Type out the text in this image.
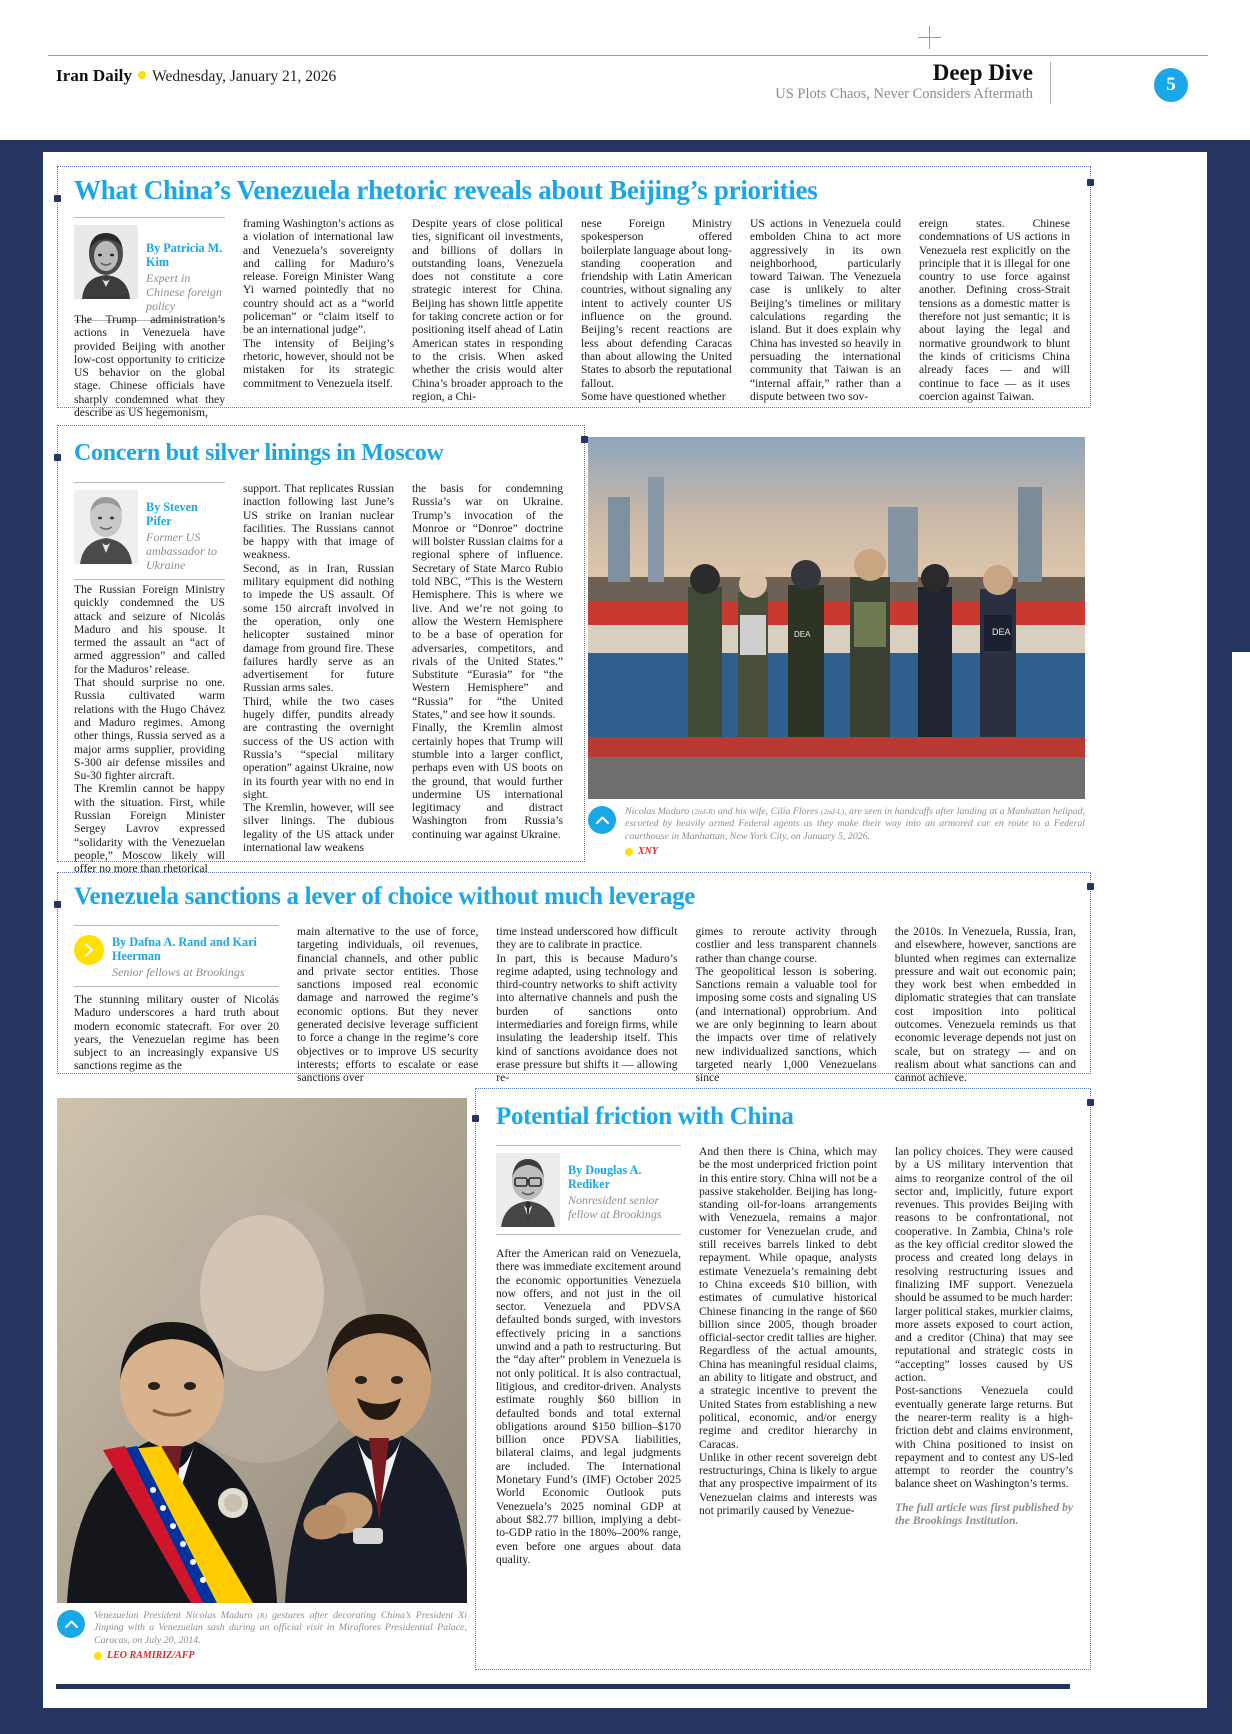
Iran Daily Wednesday, January 21, 2026	Deep Dive
US Plots Chaos, Never Considers Aftermath	5
What China’s Venezuela rhetoric reveals about Beijing’s priorities
By Patricia M. Kim
Expert in Chinese foreign policy

The Trump administration’s actions in Venezuela have provided Beijing with another low-cost opportunity to criticize US behavior on the global stage. Chinese officials have sharply condemned what they describe as US hegemonism,

framing Washington’s actions as a violation of international law and Venezuela’s sovereignty and calling for Maduro’s release. Foreign Minister Wang Yi warned pointedly that no country should act as a “world policeman” or “claim itself to be an international judge”.

The intensity of Beijing’s rhetoric, however, should not be mistaken for its strategic commitment to Venezuela itself.

Despite years of close political ties, significant oil investments, and billions of dollars in outstanding loans, Venezuela does not constitute a core strategic interest for China. Beijing has shown little appetite for taking concrete action or for positioning itself ahead of Latin American states in responding to the crisis. When asked whether the crisis would alter China’s broader approach to the region, a Chi-

nese Foreign Ministry spokesperson offered boilerplate language about long-standing cooperation and friendship with Latin American countries, without signaling any intent to actively counter US influence on the ground. Beijing’s recent reactions are less about defending Caracas than about allowing the United States to absorb the reputational fallout.

Some have questioned whether

US actions in Venezuela could embolden China to act more aggressively in its own neighborhood, particularly toward Taiwan. The Venezuela case is unlikely to alter Beijing’s timelines or military calculations regarding the island. But it does explain why China has invested so heavily in persuading the international community that Taiwan is an “internal affair,” rather than a dispute between two sov-

ereign states. Chinese condemnations of US actions in Venezuela rest explicitly on the principle that it is illegal for one country to use force against another. Defining cross-Strait tensions as a domestic matter is therefore not just semantic; it is about laying the legal and normative groundwork to blunt the kinds of criticisms China already faces — and will continue to face — as it uses coercion against Taiwan.

Concern but silver linings in Moscow
By Steven Pifer
Former US ambassador to Ukraine

The Russian Foreign Ministry quickly condemned the US attack and seizure of Nicolás Maduro and his spouse. It termed the assault an “act of armed aggression” and called for the Maduros’ release.

That should surprise no one. Russia cultivated warm relations with the Hugo Chávez and Maduro regimes. Among other things, Russia served as a major arms supplier, providing S-300 air defense missiles and Su-30 fighter aircraft.

The Kremlin cannot be happy with the situation. First, while Russian Foreign Minister Sergey Lavrov expressed “solidarity with the Venezuelan people,” Moscow likely will offer no more than rhetorical

support. That replicates Russian inaction following last June’s US strike on Iranian nuclear facilities. The Russians cannot be happy with that image of weakness.

Second, as in Iran, Russian military equipment did nothing to impede the US assault. Of some 150 aircraft involved in the operation, only one helicopter sustained minor damage from ground fire. These failures hardly serve as an advertisement for future Russian arms sales.

Third, while the two cases hugely differ, pundits already are contrasting the overnight success of the US action with Russia’s “special military operation” against Ukraine, now in its fourth year with no end in sight.

The Kremlin, however, will see silver linings. The dubious legality of the US attack under international law weakens

the basis for condemning Russia’s war on Ukraine. Trump’s invocation of the Monroe or “Donroe” doctrine will bolster Russian claims for a regional sphere of influence. Secretary of State Marco Rubio told NBC, “This is the Western Hemisphere. This is where we live. And we’re not going to allow the Western Hemisphere to be a base of operation for adversaries, competitors, and rivals of the United States.” Substitute “Eurasia” for “the Western Hemisphere” and “Russia” for “the United States,” and see how it sounds.

Finally, the Kremlin almost certainly hopes that Trump will stumble into a larger conflict, perhaps even with US boots on the ground, that would further undermine US international legitimacy and distract Washington from Russia’s continuing war against Ukraine.

DEA
DEA
Nicolas Maduro (2nd-R) and his wife, Cilia Flores (2nd-L), are seen in handcuffs after landing at a Manhattan helipad, escorted by heavily armed Federal agents as they make their way into an armored car en route to a Federal courthouse in Manhattan, New York City, on January 5, 2026.
XNY
Venezuela sanctions a lever of choice without much leverage
By Dafna A. Rand and Kari Heerman
Senior fellows at Brookings

The stunning military ouster of Nicolás Maduro underscores a hard truth about modern economic statecraft. For over 20 years, the Venezuelan regime has been subject to an increasingly expansive US sanctions regime as the

main alternative to the use of force, targeting individuals, oil revenues, financial channels, and other public and private sector entities. Those sanctions imposed real economic damage and narrowed the regime’s economic options. But they never generated decisive leverage sufficient to force a change in the regime’s core objectives or to improve US security interests; efforts to escalate or ease sanctions over

time instead underscored how difficult they are to calibrate in practice.

In part, this is because Maduro’s regime adapted, using technology and third-country networks to shift activity into alternative channels and push the burden of sanctions onto intermediaries and foreign firms, while insulating the leadership itself. This kind of sanctions avoidance does not erase pressure but shifts it — allowing re-

gimes to reroute activity through costlier and less transparent channels rather than change course.

The geopolitical lesson is sobering. Sanctions remain a valuable tool for imposing some costs and signaling US (and international) opprobrium. And we are only beginning to learn about the impacts over time of relatively new individualized sanctions, which targeted nearly 1,000 Venezuelans since

the 2010s. In Venezuela, Russia, Iran, and elsewhere, however, sanctions are blunted when regimes can externalize pressure and wait out economic pain; they work best when embedded in diplomatic strategies that can translate cost imposition into political outcomes. Venezuela reminds us that economic leverage depends not just on scale, but on strategy — and on realism about what sanctions can and cannot achieve.

Venezuelan President Nicolas Maduro (R) gestures after decorating China’s President Xi Jinping with a Venezuelan sash during an official visit in Miraflores Presidential Palace, Caracas, on July 20, 2014.
LEO RAMIRIZ/AFP
Potential friction with China
By Douglas A. Rediker
Nonresident senior fellow at Brookings

After the American raid on Venezuela, there was immediate excitement around the economic opportunities Venezuela now offers, and not just in the oil sector. Venezuela and PDVSA defaulted bonds surged, with investors effectively pricing in a sanctions unwind and a path to restructuring. But the “day after” problem in Venezuela is not only political. It is also contractual, litigious, and creditor-driven. Analysts estimate roughly $60 billion in defaulted bonds and total external obligations around $150 billion–$170 billion once PDVSA liabilities, bilateral claims, and legal judgments are included. The International Monetary Fund’s (IMF) October 2025 World Economic Outlook puts Venezuela’s 2025 nominal GDP at about $82.77 billion, implying a debt-to-GDP ratio in the 180%–200% range, even before one argues about data quality.

And then there is China, which may be the most underpriced friction point in this entire story. China will not be a passive stakeholder. Beijing has long-standing oil-for-loans arrangements with Venezuela, remains a major customer for Venezuelan crude, and still receives barrels linked to debt repayment. While opaque, analysts estimate Venezuela’s remaining debt to China exceeds $10 billion, with estimates of cumulative historical Chinese financing in the range of $60 billion since 2005, though broader official-sector credit tallies are higher. Regardless of the actual amounts, China has meaningful residual claims, an ability to litigate and obstruct, and a strategic incentive to prevent the United States from establishing a new political, economic, and/or energy regime and creditor hierarchy in Caracas.

Unlike in other recent sovereign debt restructurings, China is likely to argue that any prospective impairment of its Venezuelan claims and interests was not primarily caused by Venezue-

lan policy choices. They were caused by a US military intervention that aims to reorganize control of the oil sector and, implicitly, future export revenues. This provides Beijing with reasons to be confrontational, not cooperative. In Zambia, China’s role as the key official creditor slowed the process and created long delays in resolving restructuring issues and finalizing IMF support. Venezuela should be assumed to be much harder: larger political stakes, murkier claims, more assets exposed to court action, and a creditor (China) that may see reputational and strategic costs in “accepting” losses caused by US action.

Post-sanctions Venezuela could eventually generate large returns. But the nearer-term reality is a high-friction debt and claims environment, with China positioned to insist on repayment and to contest any US-led attempt to reorder the country’s balance sheet on Washington’s terms.

The full article was first published by the Brookings Institution.
